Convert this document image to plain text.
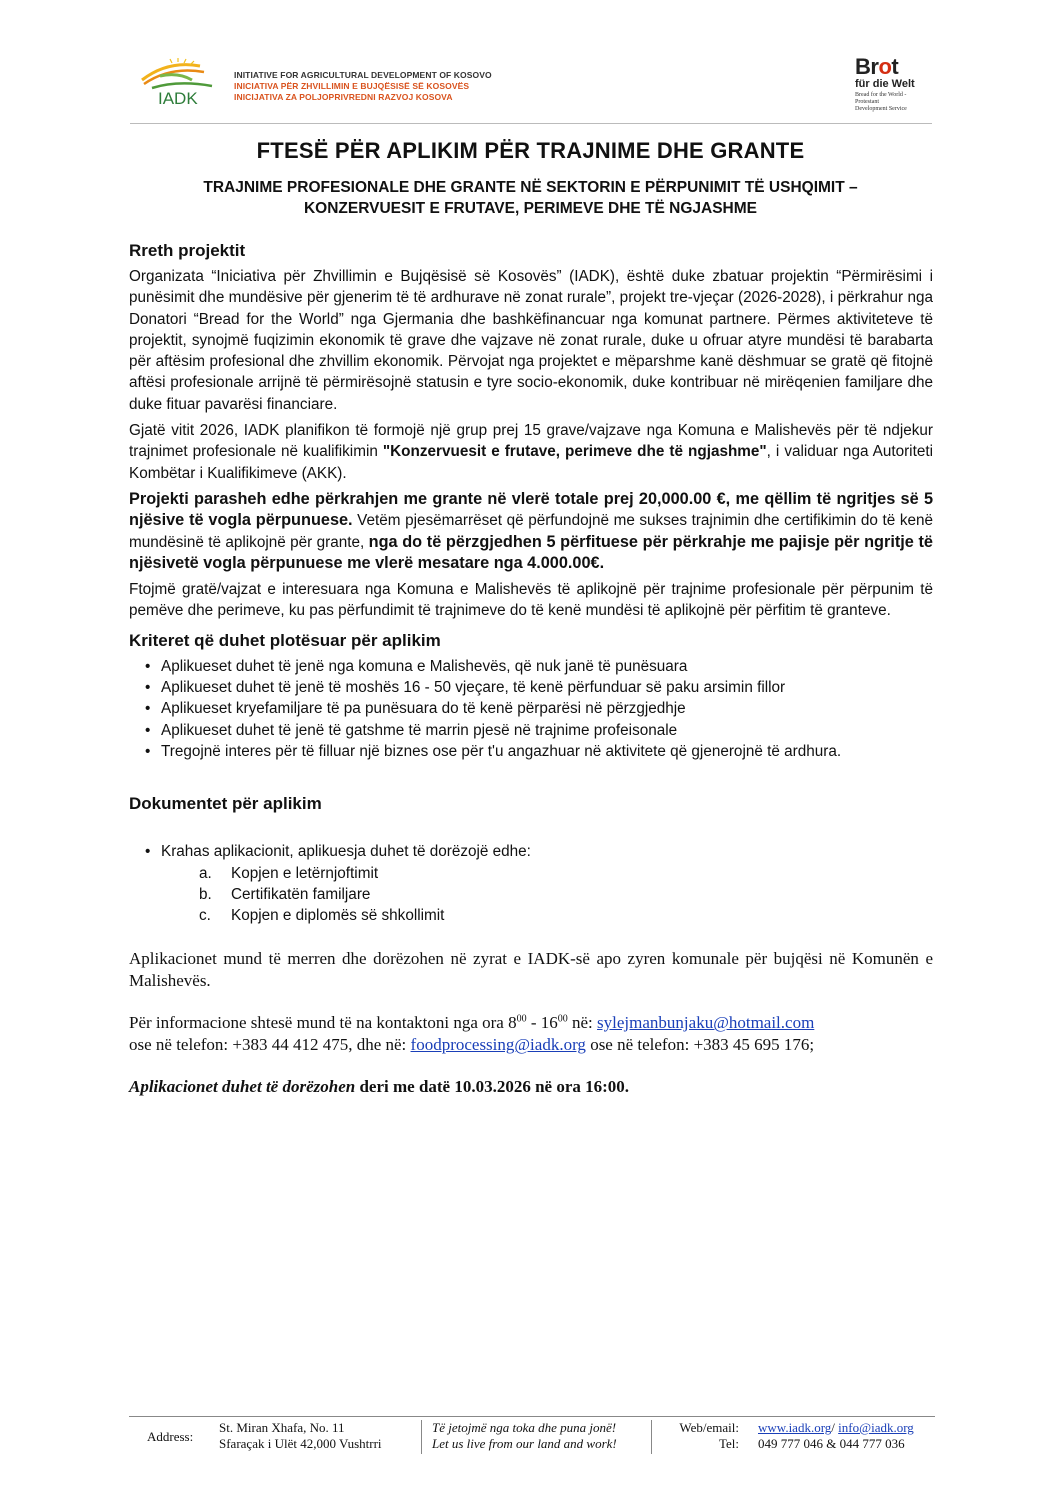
IADK
INITIATIVE FOR AGRICULTURAL DEVELOPMENT OF KOSOVO
INICIATIVA PËR ZHVILLIMIN E BUJQËSISË SË KOSOVËS
INICIJATIVA ZA POLJOPRIVREDNI RAZVOJ KOSOVA
Brot
für die Welt
Bread for the World -
Protestant
Development Service
FTESË PËR APLIKIM PËR TRAJNIME DHE GRANTE
TRAJNIME PROFESIONALE DHE GRANTE NË SEKTORIN E PËRPUNIMIT TË USHQIMIT –
KONZERVUESIT E FRUTAVE, PERIMEVE DHE TË NGJASHME
Rreth projektit

Organizata “Iniciativa për Zhvillimin e Bujqësisë së Kosovës” (IADK), është duke zbatuar projektin “Përmirësimi i punësimit dhe mundësive për gjenerim të të ardhurave në zonat rurale”, projekt tre-vjeçar (2026-2028), i përkrahur nga Donatori “Bread for the World” nga Gjermania dhe bashkëfinancuar nga komunat partnere. Përmes aktiviteteve të projektit, synojmë fuqizimin ekonomik të grave dhe vajzave në zonat rurale, duke u ofruar atyre mundësi të barabarta për aftësim profesional dhe zhvillim ekonomik. Përvojat nga projektet e mëparshme kanë dëshmuar se gratë që fitojnë aftësi profesionale arrijnë të përmirësojnë statusin e tyre socio-ekonomik, duke kontribuar në mirëqenien familjare dhe duke fituar pavarësi financiare.

Gjatë vitit 2026, IADK planifikon të formojë një grup prej 15 grave/vajzave nga Komuna e Malishevës për të ndjekur trajnimet profesionale në kualifikimin "Konzervuesit e frutave, perimeve dhe të ngjashme", i validuar nga Autoriteti Kombëtar i Kualifikimeve (AKK).

Projekti parasheh edhe përkrahjen me grante në vlerë totale prej 20,000.00 €, me qëllim të ngritjes së 5 njësive të vogla përpunuese. Vetëm pjesëmarrëset që përfundojnë me sukses trajnimin dhe certifikimin do të kenë mundësinë të aplikojnë për grante, nga do të përzgjedhen 5 përfituese për përkrahje me pajisje për ngritje të njësivetë vogla përpunuese me vlerë mesatare nga 4.000.00€.

Ftojmë gratë/vajzat e interesuara nga Komuna e Malishevës të aplikojnë për trajnime profesionale për përpunim të pemëve dhe perimeve, ku pas përfundimit të trajnimeve do të kenë mundësi të aplikojnë për përfitim të granteve.

Kriteret që duhet plotësuar për aplikim
• Aplikueset duhet të jenë nga komuna e Malishevës, që nuk janë të punësuara
• Aplikueset duhet të jenë të moshës 16 - 50 vjeçare, të kenë përfunduar së paku arsimin fillor
• Aplikueset kryefamiljare të pa punësuara do të kenë përparësi në përzgjedhje
• Aplikueset duhet të jenë të gatshme të marrin pjesë në trajnime profeisonale
• Tregojnë interes për të filluar një biznes ose për t'u angazhuar në aktivitete që gjenerojnë të ardhura.
Dokumentet për aplikim
• Krahas aplikacionit, aplikuesja duhet të dorëzojë edhe:
a. Kopjen e letërnjoftimit
b. Certifikatën familjare
c. Kopjen e diplomës së shkollimit

Aplikacionet mund të merren dhe dorëzohen në zyrat e IADK-së apo zyren komunale për bujqësi në Komunën e Malishevës.

Për informacione shtesë mund të na kontaktoni nga ora $8^{00} - 16^{00}$ në: sylejmanbunjaku@hotmail.com
ose në telefon: +383 44 412 475, dhe në: foodprocessing@iadk.org ose në telefon: +383 45 695 176;

Aplikacionet duhet të dorëzohen deri me datë 10.03.2026 në ora 16:00.

Address:
St. Miran Xhafa, No. 11
Sfaraçak i Ulët 42,000 Vushtrri
Të jetojmë nga toka dhe puna jonë!
Let us live from our land and work!
Web/email:
Tel:
www.iadk.org/ info@iadk.org
049 777 046 & 044 777 036
